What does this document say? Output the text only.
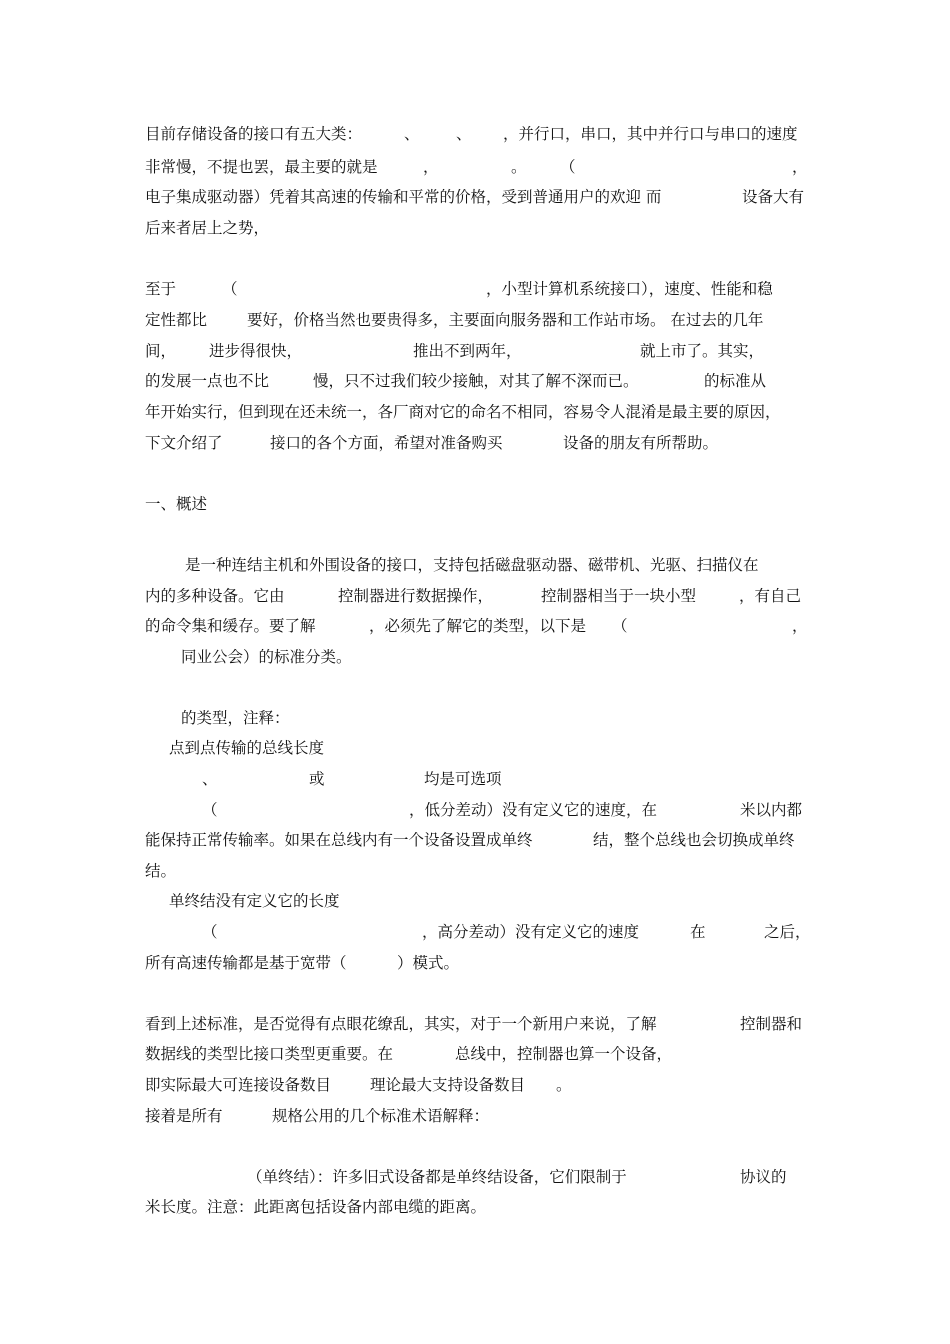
目前存储设备的接口有五大类：	、 、 ，并行口，串口，其中并行口与串口的速度
非常慢，不提也罢，最主要的就是	，	。 （	，
电子集成驱动器）凭着其高速的传输和平常的价格，受到普通用户的欢迎 而	设备大有
后来者居上之势，
至于	（	，小型计算机系统接口），速度、性能和稳
定性都比	要好，价格当然也要贵得多，主要面向服务器和工作站市场。 在过去的几年
间， 进步得很快，	推出不到两年，	就上市了。其实，
的发展一点也不比	慢，只不过我们较少接触，对其了解不深而已。	的标准从
年开始实行，但到现在还未统一，各厂商对它的命名不相同，容易令人混淆是最主要的原因，
下文介绍了	接口的各个方面，希望对准备购买	设备的朋友有所帮助。
一、概述
是一种连结主机和外围设备的接口，支持包括磁盘驱动器、磁带机、光驱、扫描仪在
内的多种设备。它由	控制器进行数据操作，	控制器相当于一块小型	，有自己
的命令集和缓存。要了解	，必须先了解它的类型，以下是 （	，
同业公会）的标准分类。
的类型，注释：
点到点传输的总线长度
、	或	均是可选项
（	，低分差动）没有定义它的速度，在	米以内都
能保持正常传输率。如果在总线内有一个设备设置成单终	结，整个总线也会切换成单终
结。
单终结没有定义它的长度
（	，高分差动）没有定义它的速度	在	之后，
所有高速传输都是基于宽带（	）模式。
看到上述标准，是否觉得有点眼花缭乱，其实，对于一个新用户来说，了解	控制器和
数据线的类型比接口类型更重要。在	总线中，控制器也算一个设备，
即实际最大可连接设备数目	理论最大支持设备数目 。
接着是所有	规格公用的几个标准术语解释：
（单终结）：许多旧式设备都是单终结设备，它们限制于	协议的
米长度。注意：此距离包括设备内部电缆的距离。
